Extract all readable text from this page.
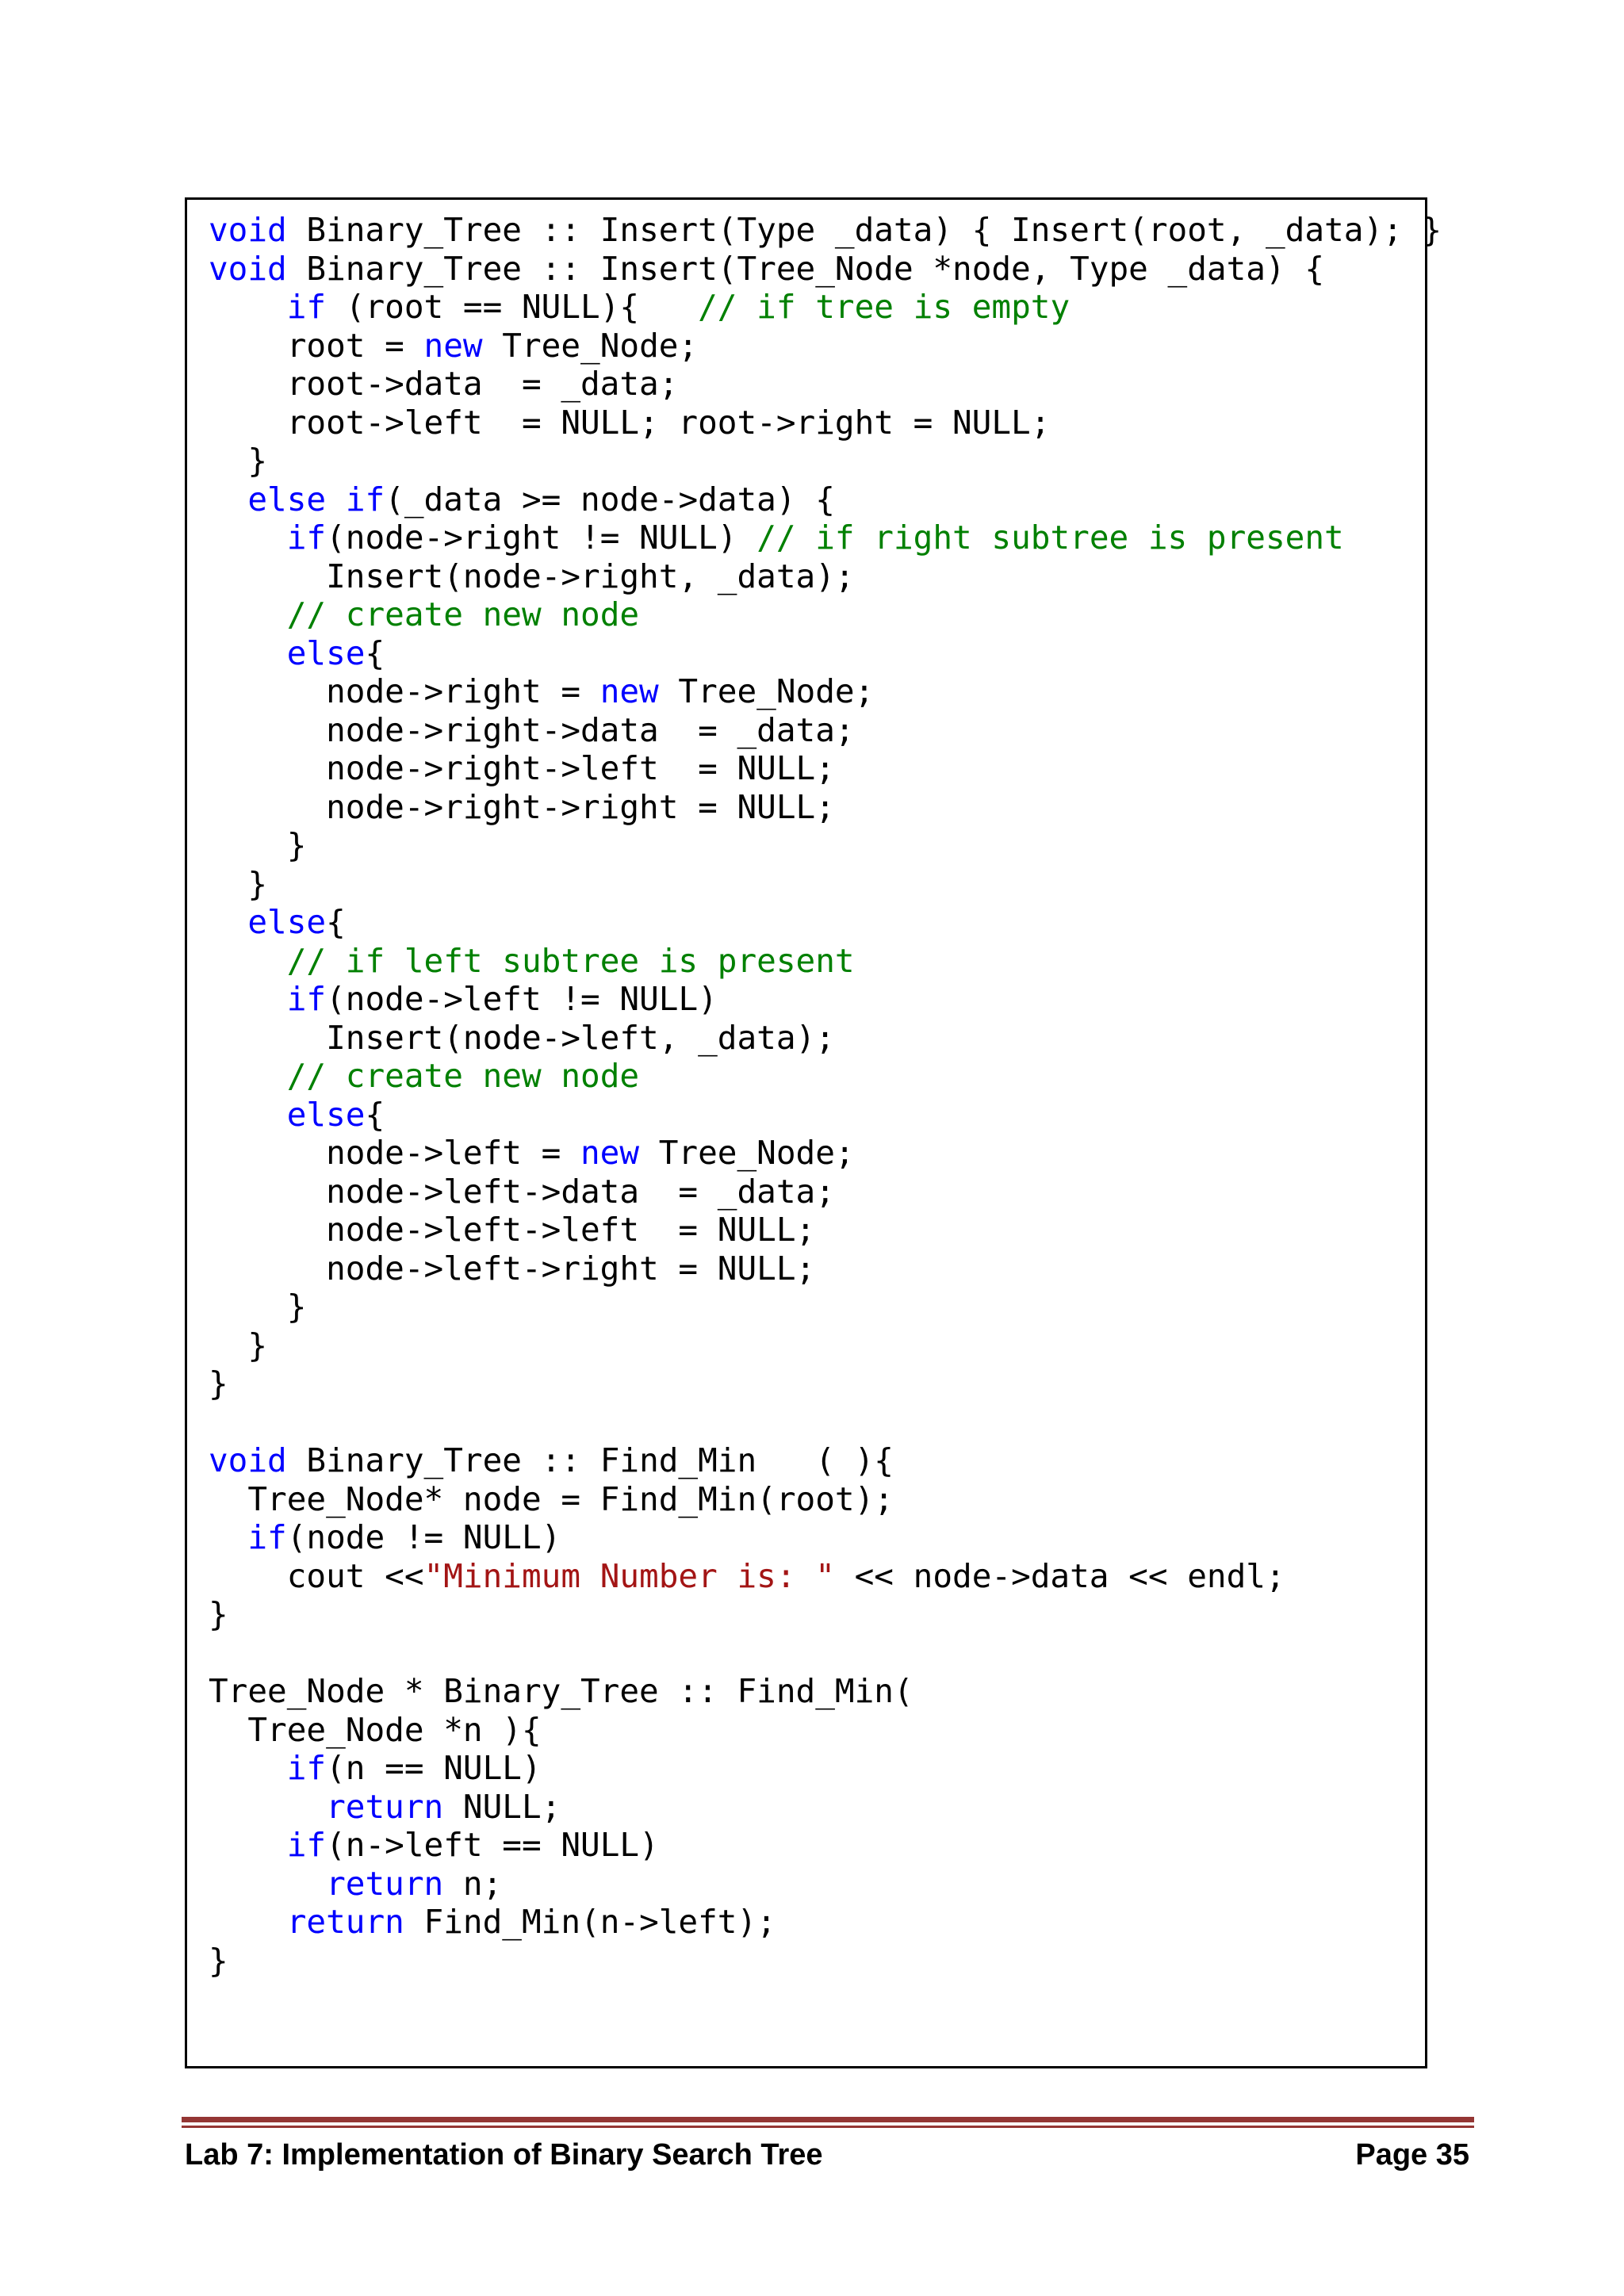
void Binary_Tree :: Insert(Type _data) { Insert(root, _data); }
void Binary_Tree :: Insert(Tree_Node *node, Type _data) {
if (root == NULL){   // if tree is empty
root = new Tree_Node;
root->data  = _data;
root->left  = NULL; root->right = NULL;
}
else if(_data >= node->data) {
if(node->right != NULL) // if right subtree is present
Insert(node->right, _data);
// create new node
else{
node->right = new Tree_Node;
node->right->data  = _data;
node->right->left  = NULL;
node->right->right = NULL;
}
}
else{
// if left subtree is present
if(node->left != NULL)
Insert(node->left, _data);
// create new node
else{
node->left = new Tree_Node;
node->left->data  = _data;
node->left->left  = NULL;
node->left->right = NULL;
}
}
}
void Binary_Tree :: Find_Min   ( ){
Tree_Node* node = Find_Min(root);
if(node != NULL)
cout <<"Minimum Number is: " << node->data << endl;
}
Tree_Node * Binary_Tree :: Find_Min(
Tree_Node *n ){
if(n == NULL)
return NULL;
if(n->left == NULL)
return n;
return Find_Min(n->left);
}
Lab 7: Implementation of Binary Search Tree	Page 35
